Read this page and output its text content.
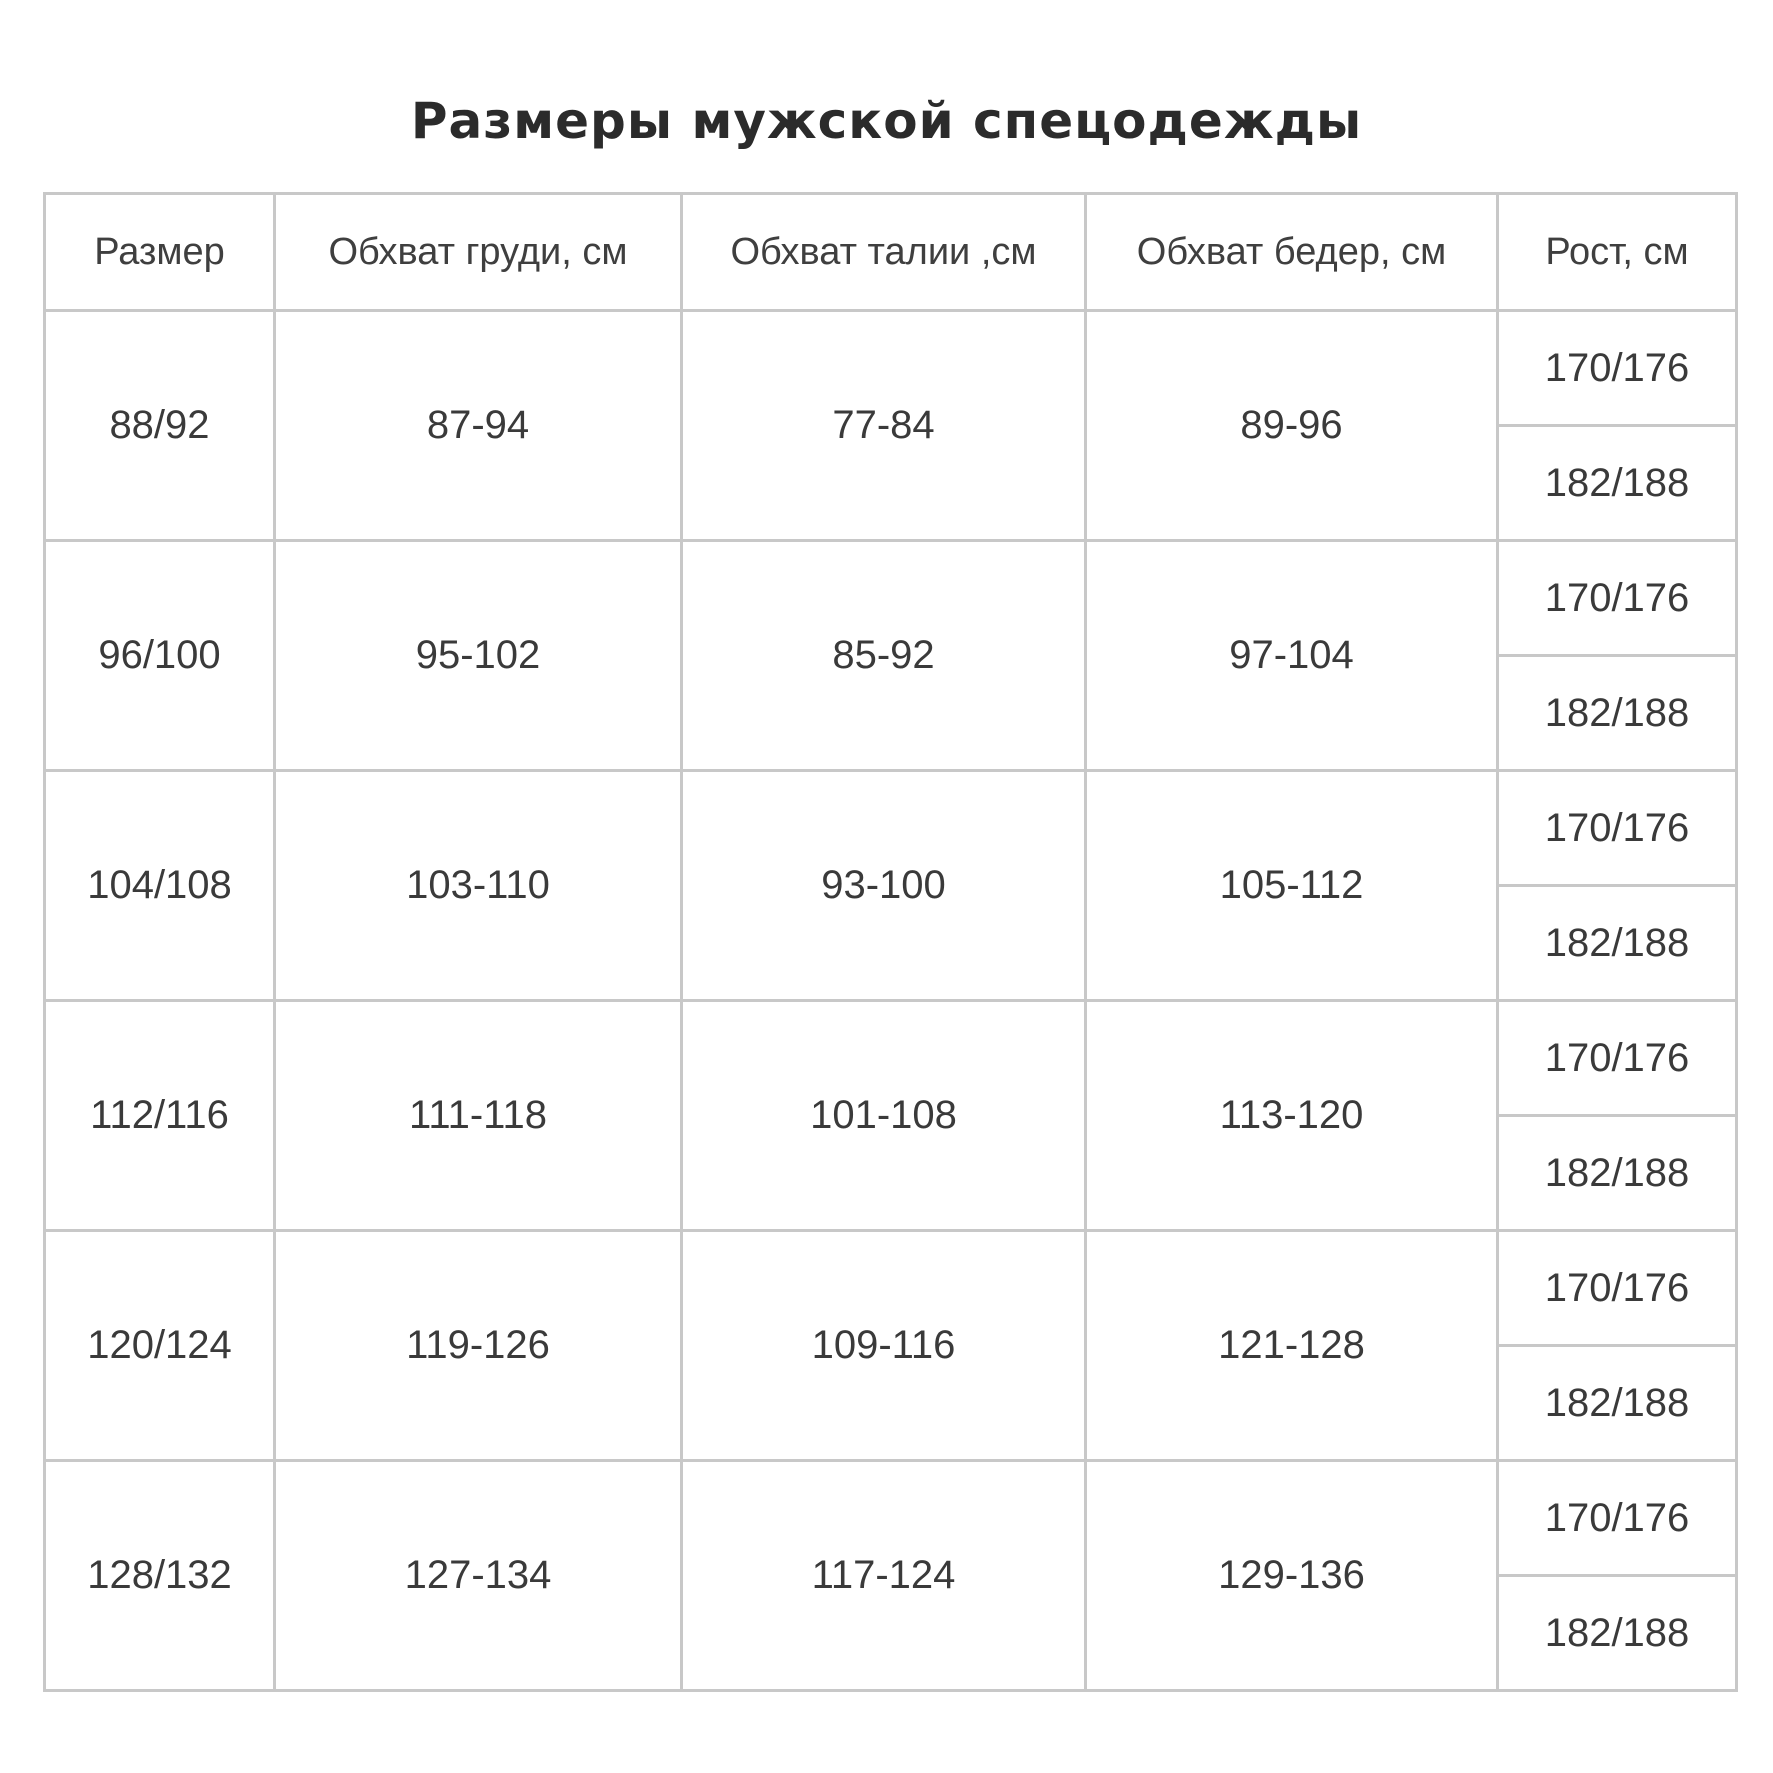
Размеры мужской спецодежды
Размер	Обхват груди, см	Обхват талии ,см	Обхват бедер, см	Рост, см
88/92	87-94	77-84	89-96	170/176
				182/188
96/100	95-102	85-92	97-104	170/176
				182/188
104/108	103-110	93-100	105-112	170/176
				182/188
112/116	111-118	101-108	113-120	170/176
				182/188
120/124	119-126	109-116	121-128	170/176
				182/188
128/132	127-134	117-124	129-136	170/176
				182/188
